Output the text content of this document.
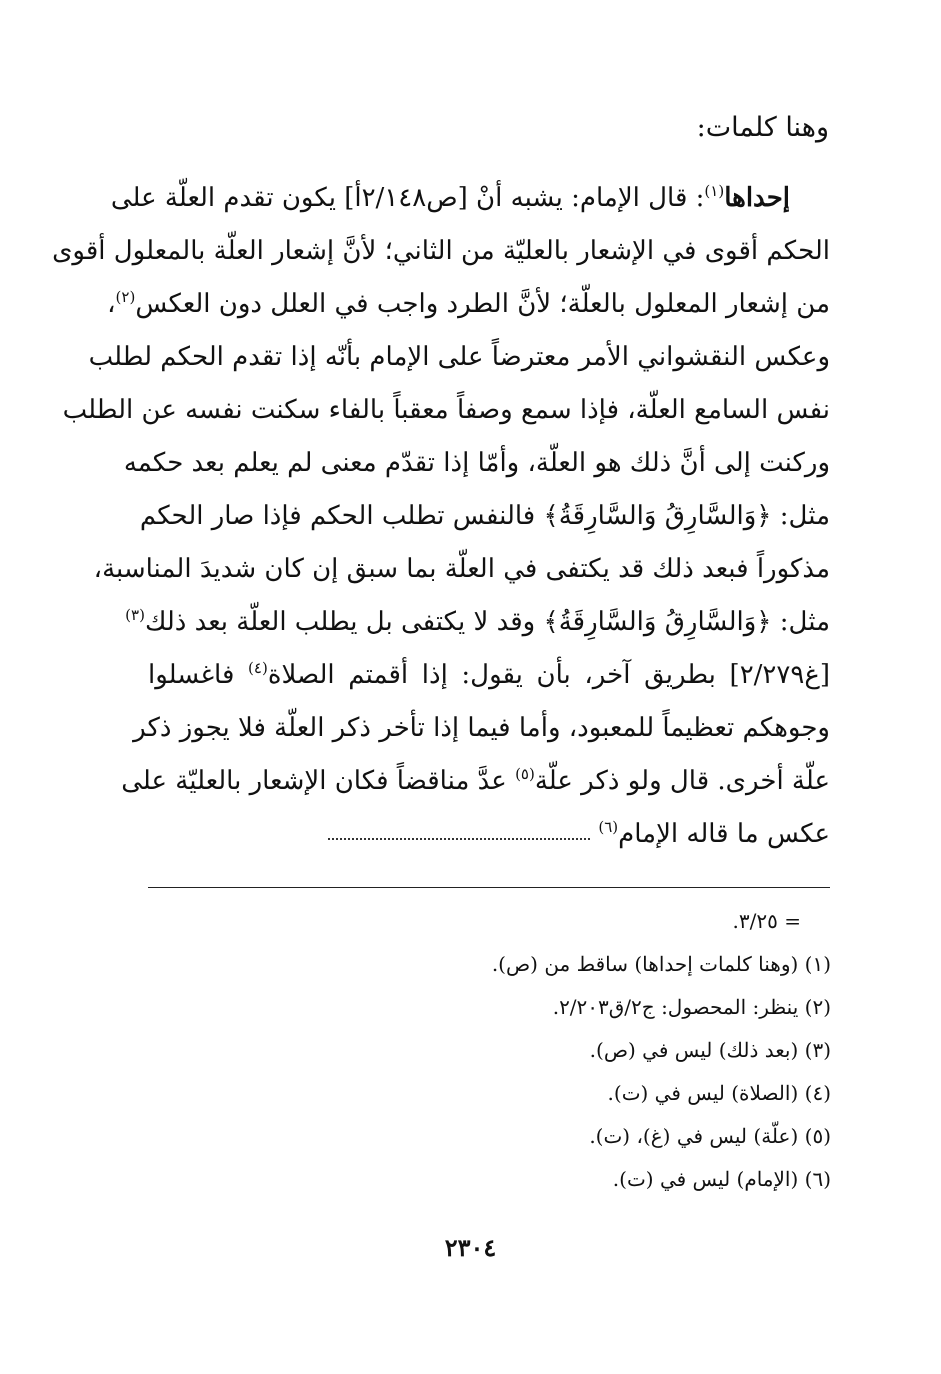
وهنا كلمات:
إحداها$^{(١)}$: قال الإمام: يشبه أنْ [ص٢/١٤٨أ] يكون تقدم العلّة على
الحكم أقوى في الإشعار بالعليّة من الثاني؛ لأنَّ إشعار العلّة بالمعلول أقوى
من إشعار المعلول بالعلّة؛ لأنَّ الطرد واجب في العلل دون العكس$^{(٢)}$،
وعكس النقشواني الأمر معترضاً على الإمام بأنّه إذا تقدم الحكم لطلب
نفس السامع العلّة، فإذا سمع وصفاً معقباً بالفاء سكنت نفسه عن الطلب
وركنت إلى أنَّ ذلك هو العلّة، وأمّا إذا تقدّم معنى لم يعلم بعد حكمه
مثل: ﴿وَالسَّارِقُ وَالسَّارِقَةُ﴾ فالنفس تطلب الحكم فإذا صار الحكم
مذكوراً فبعد ذلك قد يكتفى في العلّة بما سبق إن كان شديدَ المناسبة،
مثل: ﴿وَالسَّارِقُ وَالسَّارِقَةُ﴾ وقد لا يكتفى بل يطلب العلّة بعد ذلك$^{(٣)}$
[غ٢/٢٧٩] بطريق آخر، بأن يقول: إذا أقمتم الصلاة$^{(٤)}$ فاغسلوا
وجوهكم تعظيماً للمعبود، وأما فيما إذا تأخر ذكر العلّة فلا يجوز ذكر
علّة أخرى. قال ولو ذكر علّة$^{(٥)}$ عدَّ مناقضاً فكان الإشعار بالعليّة على
عكس ما قاله الإمام$^{(٦)}$
= ٣/٢٥.
(١) (وهنا كلمات إحداها) ساقط من (ص).
(٢) ينظر: المحصول: ج٢/ق٢/٢٠٣.
(٣) (بعد ذلك) ليس في (ص).
(٤) (الصلاة) ليس في (ت).
(٥) (علّة) ليس في (غ)، (ت).
(٦) (الإمام) ليس في (ت).
٢٣٠٤
